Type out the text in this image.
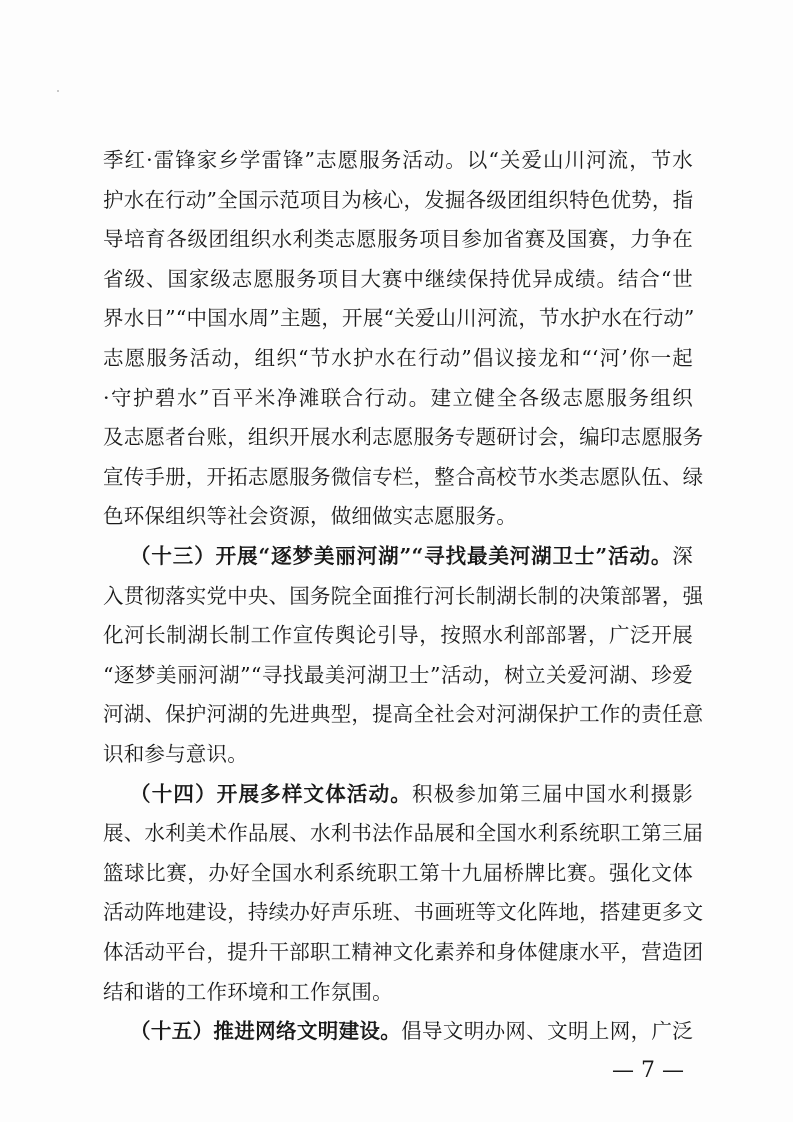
季红·雷锋家乡学雷锋”志愿服务活动。以“关爱山川河流，节水
护水在行动”全国示范项目为核心，发掘各级团组织特色优势，指
导培育各级团组织水利类志愿服务项目参加省赛及国赛，力争在
省级、国家级志愿服务项目大赛中继续保持优异成绩。结合“世
界水日”“中国水周”主题，开展“关爱山川河流，节水护水在行动”
志愿服务活动，组织“节水护水在行动”倡议接龙和“‘河’你一起
·守护碧水”百平米净滩联合行动。建立健全各级志愿服务组织
及志愿者台账，组织开展水利志愿服务专题研讨会，编印志愿服务
宣传手册，开拓志愿服务微信专栏，整合高校节水类志愿队伍、绿
色环保组织等社会资源，做细做实志愿服务。
（十三）开展“逐梦美丽河湖”“寻找最美河湖卫士”活动。深
入贯彻落实党中央、国务院全面推行河长制湖长制的决策部署，强
化河长制湖长制工作宣传舆论引导，按照水利部部署，广泛开展
“逐梦美丽河湖”“寻找最美河湖卫士”活动，树立关爱河湖、珍爱
河湖、保护河湖的先进典型，提高全社会对河湖保护工作的责任意
识和参与意识。
（十四）开展多样文体活动。积极参加第三届中国水利摄影
展、水利美术作品展、水利书法作品展和全国水利系统职工第三届
篮球比赛，办好全国水利系统职工第十九届桥牌比赛。强化文体
活动阵地建设，持续办好声乐班、书画班等文化阵地，搭建更多文
体活动平台，提升干部职工精神文化素养和身体健康水平，营造团
结和谐的工作环境和工作氛围。
（十五）推进网络文明建设。倡导文明办网、文明上网，广泛
— 7 —
